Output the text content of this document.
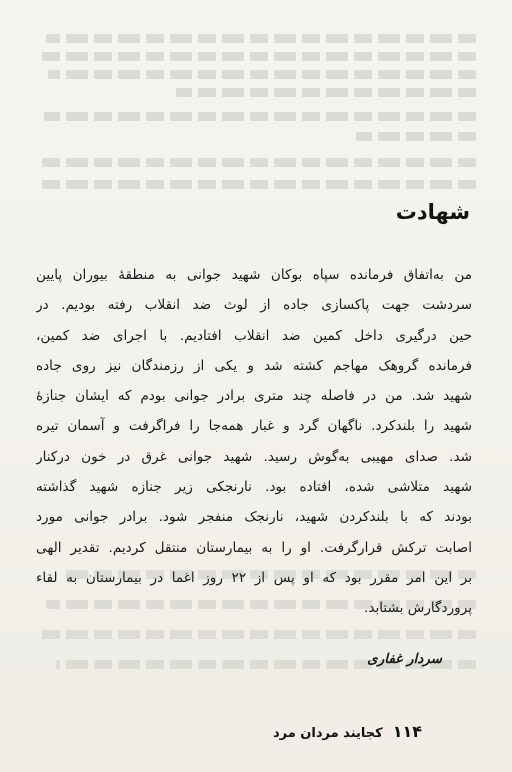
شهادت
من به‌اتفاق فرمانده سپاه بوکان شهید جوانی به منطقهٔ بیوران پایین
سردشت جهت پاکسازی جاده از لوث ضد انقلاب رفته بودیم. در
حین درگیری داخل کمین ضد انقلاب افتادیم. با اجرای ضد کمین،
فرمانده گروهک مهاجم کشته شد و یکی از رزمندگان نیز روی جاده
شهید شد. من در فاصله چند متری برادر جوانی بودم که ایشان جنازهٔ
شهید را بلندکرد. ناگهان گرد و غبار همه‌جا را فراگرفت و آسمان تیره
شد. صدای مهیبی به‌گوش رسید. شهید جوانی غرق در خون درکنار
شهید متلاشی شده، افتاده بود. نارنجکی زیر جنازه شهید گذاشته
بودند که با بلندکردن شهید، نارنجک منفجر شود. برادر جوانی مورد
اصابت ترکش قرارگرفت. او را به بیمارستان منتقل کردیم. تقدیر الهی
بر این امر مقرر بود که او پس از ۲۲ روز اغما در بیمارستان به لقاء
پروردگارش بشتابد.
سردار غفاری
۱۱۴
کجایند مردان مرد
